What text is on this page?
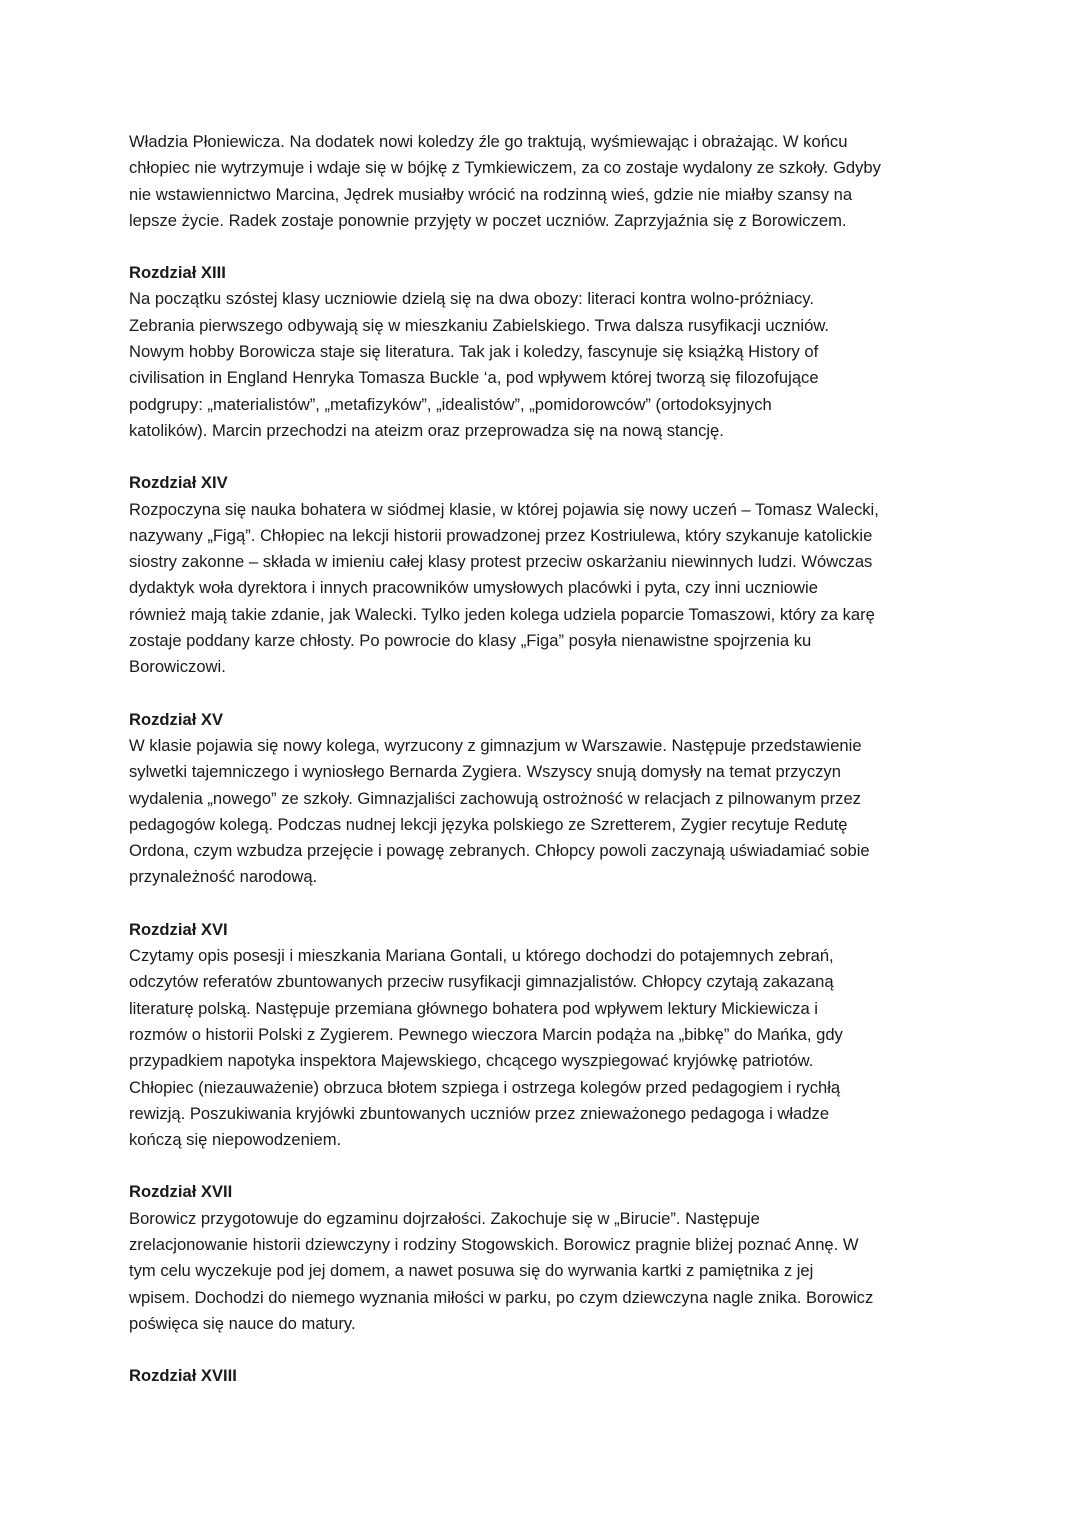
Władzia Płoniewicza. Na dodatek nowi koledzy źle go traktują, wyśmiewając i obrażając. W końcu
chłopiec nie wytrzymuje i wdaje się w bójkę z Tymkiewiczem, za co zostaje wydalony ze szkoły. Gdyby
nie wstawiennictwo Marcina, Jędrek musiałby wrócić na rodzinną wieś, gdzie nie miałby szansy na
lepsze życie. Radek zostaje ponownie przyjęty w poczet uczniów. Zaprzyjaźnia się z Borowiczem.

Rozdział XIII

Na początku szóstej klasy uczniowie dzielą się na dwa obozy: literaci kontra wolno-próżniacy.
Zebrania pierwszego odbywają się w mieszkaniu Zabielskiego. Trwa dalsza rusyfikacji uczniów.
Nowym hobby Borowicza staje się literatura. Tak jak i koledzy, fascynuje się książką History of
civilisation in England Henryka Tomasza Buckle ‘a, pod wpływem której tworzą się filozofujące
podgrupy: „materialistów”, „metafizyków”, „idealistów”, „pomidorowców” (ortodoksyjnych
katolików). Marcin przechodzi na ateizm oraz przeprowadza się na nową stancję.

Rozdział XIV

Rozpoczyna się nauka bohatera w siódmej klasie, w której pojawia się nowy uczeń – Tomasz Walecki,
nazywany „Figą”. Chłopiec na lekcji historii prowadzonej przez Kostriulewa, który szykanuje katolickie
siostry zakonne – składa w imieniu całej klasy protest przeciw oskarżaniu niewinnych ludzi. Wówczas
dydaktyk woła dyrektora i innych pracowników umysłowych placówki i pyta, czy inni uczniowie
również mają takie zdanie, jak Walecki. Tylko jeden kolega udziela poparcie Tomaszowi, który za karę
zostaje poddany karze chłosty. Po powrocie do klasy „Figa” posyła nienawistne spojrzenia ku
Borowiczowi.

Rozdział XV

W klasie pojawia się nowy kolega, wyrzucony z gimnazjum w Warszawie. Następuje przedstawienie
sylwetki tajemniczego i wyniosłego Bernarda Zygiera. Wszyscy snują domysły na temat przyczyn
wydalenia „nowego” ze szkoły. Gimnazjaliści zachowują ostrożność w relacjach z pilnowanym przez
pedagogów kolegą. Podczas nudnej lekcji języka polskiego ze Szretterem, Zygier recytuje Redutę
Ordona, czym wzbudza przejęcie i powagę zebranych. Chłopcy powoli zaczynają uświadamiać sobie
przynależność narodową.

Rozdział XVI

Czytamy opis posesji i mieszkania Mariana Gontali, u którego dochodzi do potajemnych zebrań,
odczytów referatów zbuntowanych przeciw rusyfikacji gimnazjalistów. Chłopcy czytają zakazaną
literaturę polską. Następuje przemiana głównego bohatera pod wpływem lektury Mickiewicza i
rozmów o historii Polski z Zygierem. Pewnego wieczora Marcin podąża na „bibkę” do Mańka, gdy
przypadkiem napotyka inspektora Majewskiego, chcącego wyszpiegować kryjówkę patriotów.
Chłopiec (niezauważenie) obrzuca błotem szpiega i ostrzega kolegów przed pedagogiem i rychłą
rewizją. Poszukiwania kryjówki zbuntowanych uczniów przez znieważonego pedagoga i władze
kończą się niepowodzeniem.

Rozdział XVII

Borowicz przygotowuje do egzaminu dojrzałości. Zakochuje się w „Birucie”. Następuje
zrelacjonowanie historii dziewczyny i rodziny Stogowskich. Borowicz pragnie bliżej poznać Annę. W
tym celu wyczekuje pod jej domem, a nawet posuwa się do wyrwania kartki z pamiętnika z jej
wpisem. Dochodzi do niemego wyznania miłości w parku, po czym dziewczyna nagle znika. Borowicz
poświęca się nauce do matury.

Rozdział XVIII
